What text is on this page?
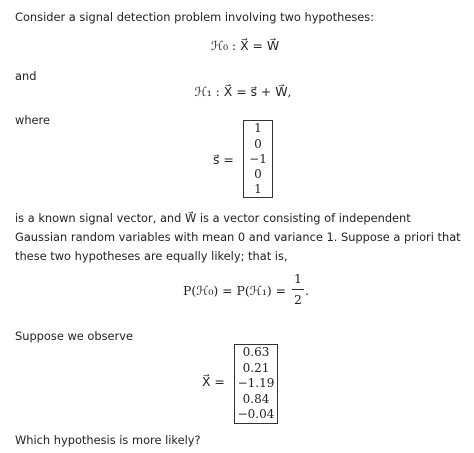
Consider a signal detection problem involving two hypotheses:
ℋ₀ : X⃗ = W⃗
and
ℋ₁ : X⃗ = s⃗ + W⃗,
where
s⃗ =
1
0
−1
0
1
is a known signal vector, and W⃗ is a vector consisting of independent Gaussian random variables with mean 0 and variance 1. Suppose a priori that these two hypotheses are equally likely; that is,
P(ℋ₀) = P(ℋ₁) =
1
2
.
Suppose we observe
X⃗ =
0.63
0.21
−1.19
0.84
−0.04
Which hypothesis is more likely?
